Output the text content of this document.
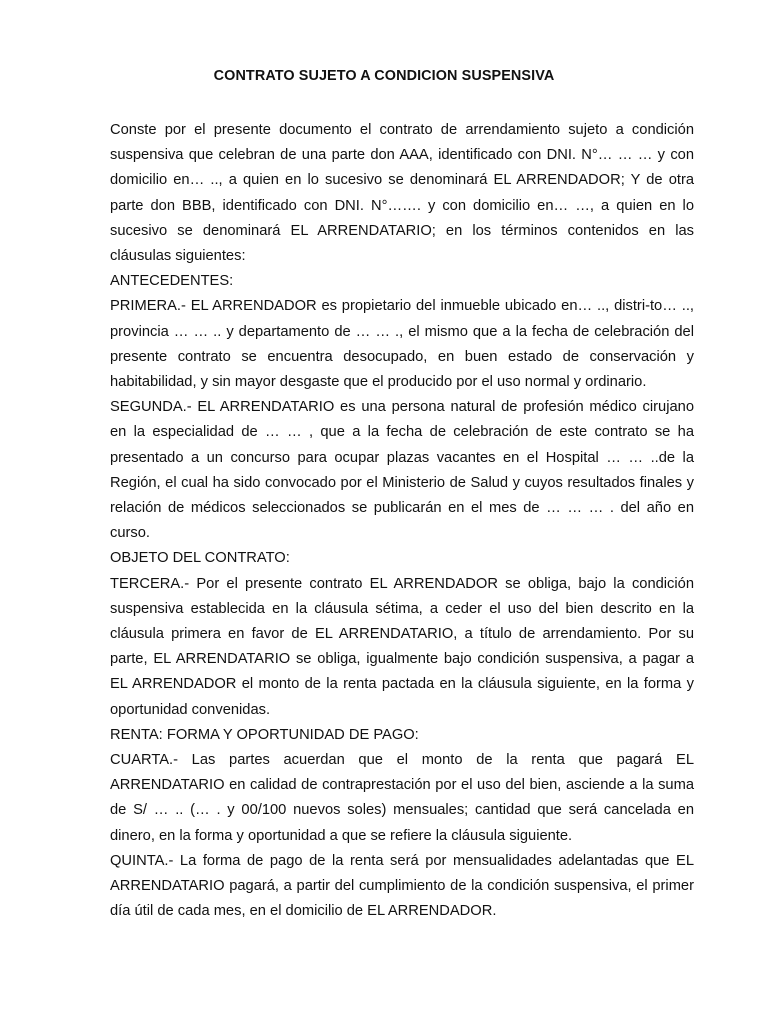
CONTRATO SUJETO A CONDICION SUSPENSIVA

Conste por el presente documento el contrato de arrendamiento sujeto a condición suspensiva que celebran de una parte don AAA, identificado con DNI. N°… … … y con domicilio en… .., a quien en lo sucesivo se denominará EL ARRENDADOR; Y de otra parte don BBB, identificado con DNI. N°……. y con domicilio en… …, a quien en lo sucesivo se denominará EL ARRENDATARIO; en los términos contenidos en las cláusulas siguientes:

ANTECEDENTES:

PRIMERA.- EL ARRENDADOR es propietario del inmueble ubicado en… .., distri-to… .., provincia … … .. y departamento de … … ., el mismo que a la fecha de celebración del presente contrato se encuentra desocupado, en buen estado de conservación y habitabilidad, y sin mayor desgaste que el producido por el uso normal y ordinario.

SEGUNDA.- EL ARRENDATARIO es una persona natural de profesión médico cirujano en la especialidad de … … , que a la fecha de celebración de este contrato se ha presentado a un concurso para ocupar plazas vacantes en el Hospital … … ..de la Región, el cual ha sido convocado por el Ministerio de Salud y cuyos resultados finales y relación de médicos seleccionados se publicarán en el mes de … … … . del año en curso.

OBJETO DEL CONTRATO:

TERCERA.- Por el presente contrato EL ARRENDADOR se obliga, bajo la condición suspensiva establecida en la cláusula sétima, a ceder el uso del bien descrito en la cláusula primera en favor de EL ARRENDATARIO, a título de arrendamiento. Por su parte, EL ARRENDATARIO se obliga, igualmente bajo condición suspensiva, a pagar a EL ARRENDADOR el monto de la renta pactada en la cláusula siguiente, en la forma y oportunidad convenidas.

RENTA: FORMA Y OPORTUNIDAD DE PAGO:

CUARTA.- Las partes acuerdan que el monto de la renta que pagará EL ARRENDATARIO en calidad de contraprestación por el uso del bien, asciende a la suma de S/ … .. (… . y 00/100 nuevos soles) mensuales; cantidad que será cancelada en dinero, en la forma y oportunidad a que se refiere la cláusula siguiente.

QUINTA.- La forma de pago de la renta será por mensualidades adelantadas que EL ARRENDATARIO pagará, a partir del cumplimiento de la condición suspensiva, el primer día útil de cada mes, en el domicilio de EL ARRENDADOR.
